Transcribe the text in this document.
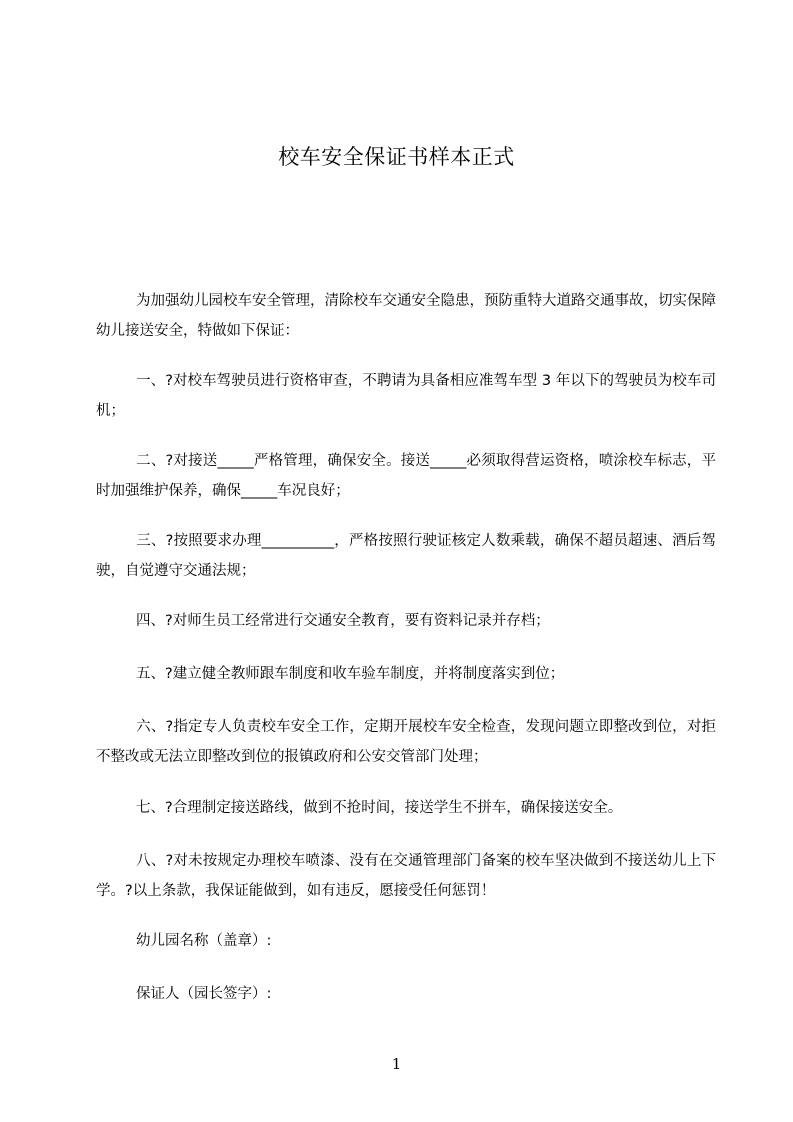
校车安全保证书样本正式
为加强幼儿园校车安全管理，清除校车交通安全隐患，预防重特大道路交通事故，切实保障幼儿接送安全，特做如下保证：
一、?对校车驾驶员进行资格审查，不聘请为具备相应准驾车型 3 年以下的驾驶员为校车司机；
二、?对接送_____严格管理，确保安全。接送_____必须取得营运资格，喷涂校车标志，平时加强维护保养，确保_____车况良好；
三、?按照要求办理__________，严格按照行驶证核定人数乘载，确保不超员超速、酒后驾驶，自觉遵守交通法规；
四、?对师生员工经常进行交通安全教育，要有资料记录并存档；
五、?建立健全教师跟车制度和收车验车制度，并将制度落实到位；
六、?指定专人负责校车安全工作，定期开展校车安全检查，发现问题立即整改到位，对拒不整改或无法立即整改到位的报镇政府和公安交管部门处理；
七、?合理制定接送路线，做到不抢时间，接送学生不拼车，确保接送安全。
八、?对未按规定办理校车喷漆、没有在交通管理部门备案的校车坚决做到不接送幼儿上下学。?以上条款，我保证能做到，如有违反，愿接受任何惩罚！
幼儿园名称（盖章）:
保证人（园长签字）:
1
